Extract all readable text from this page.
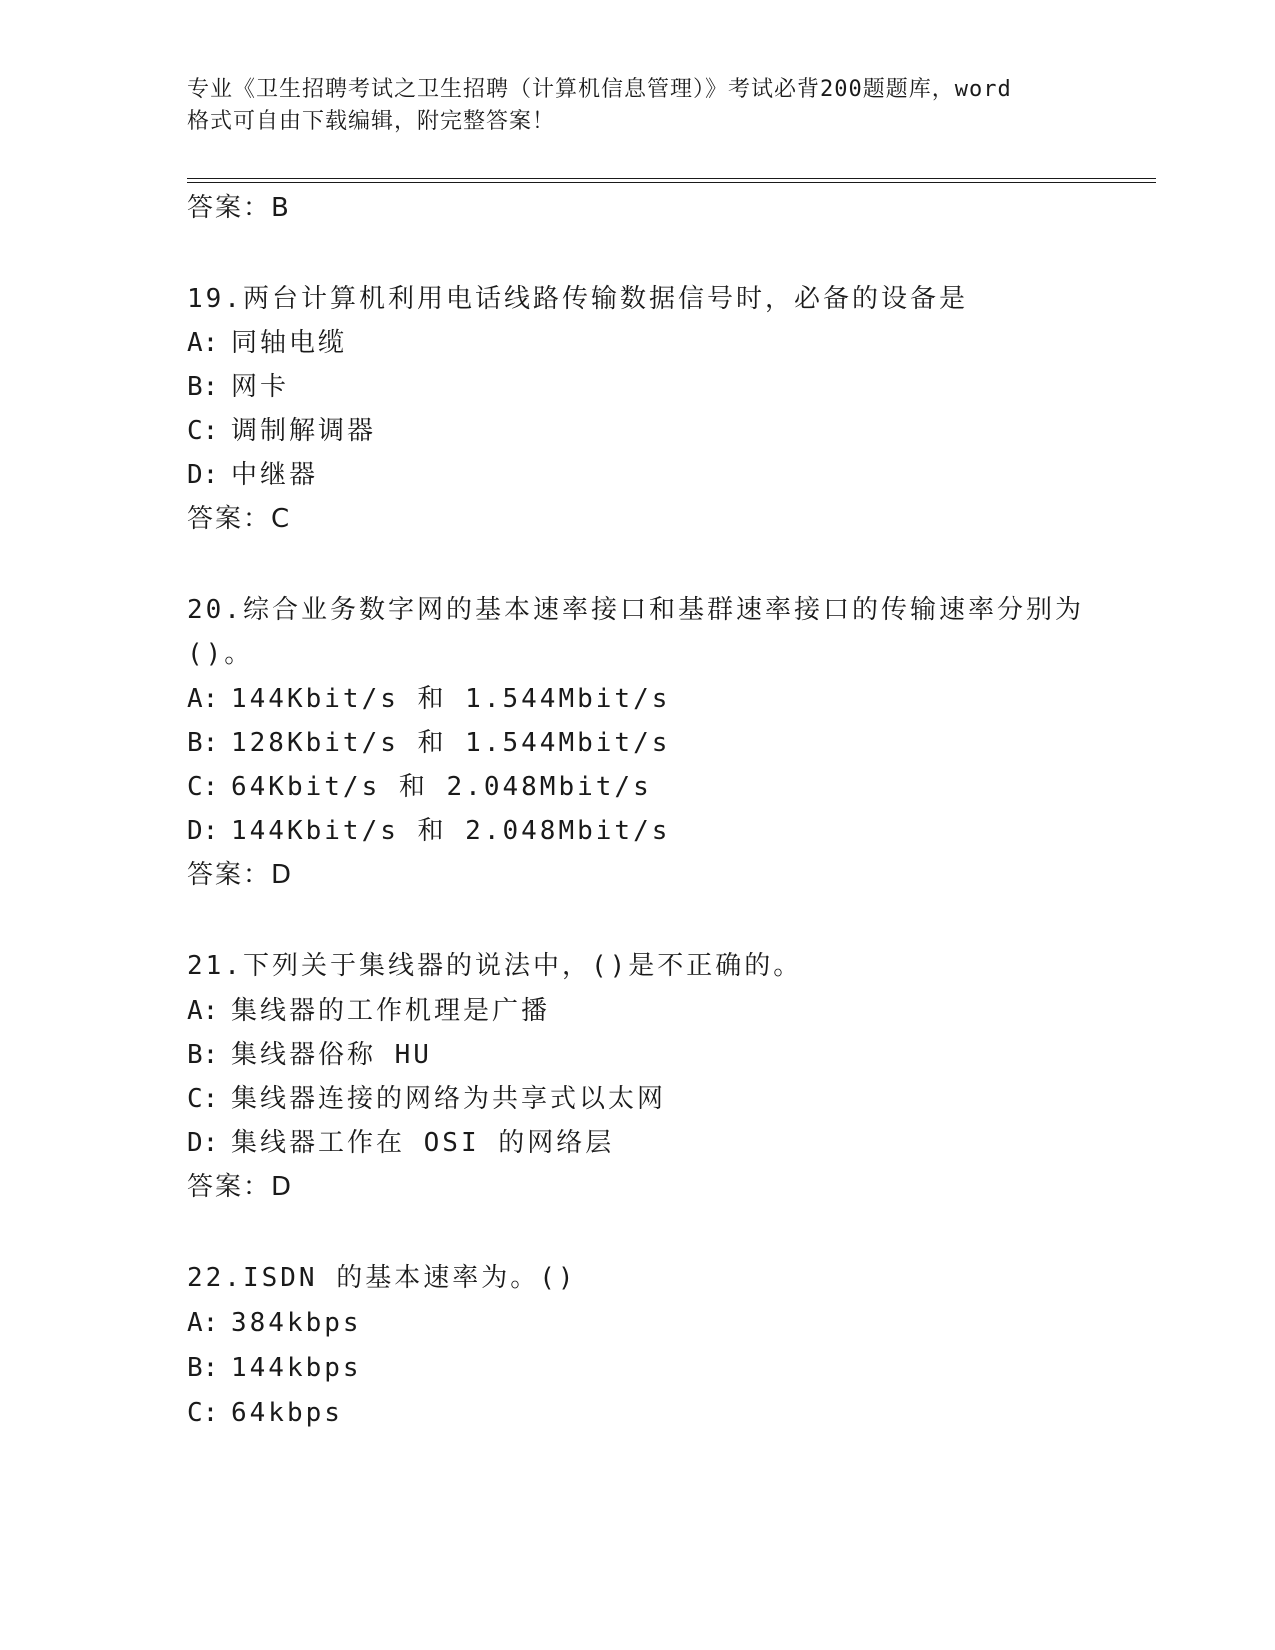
专业《卫生招聘考试之卫生招聘（计算机信息管理）》考试必背200题题库，word
格式可自由下载编辑，附完整答案！
答案：B
19.两台计算机利用电话线路传输数据信号时，必备的设备是
A: 同轴电缆
B: 网卡
C: 调制解调器
D: 中继器
答案：C
20.综合业务数字网的基本速率接口和基群速率接口的传输速率分别为
()。
A: 144Kbit/s 和 1.544Mbit/s
B: 128Kbit/s 和 1.544Mbit/s
C: 64Kbit/s 和 2.048Mbit/s
D: 144Kbit/s 和 2.048Mbit/s
答案：D
21.下列关于集线器的说法中，()是不正确的。
A: 集线器的工作机理是广播
B: 集线器俗称 HU
C: 集线器连接的网络为共享式以太网
D: 集线器工作在 OSI 的网络层
答案：D
22.ISDN 的基本速率为。()
A: 384kbps
B: 144kbps
C: 64kbps
